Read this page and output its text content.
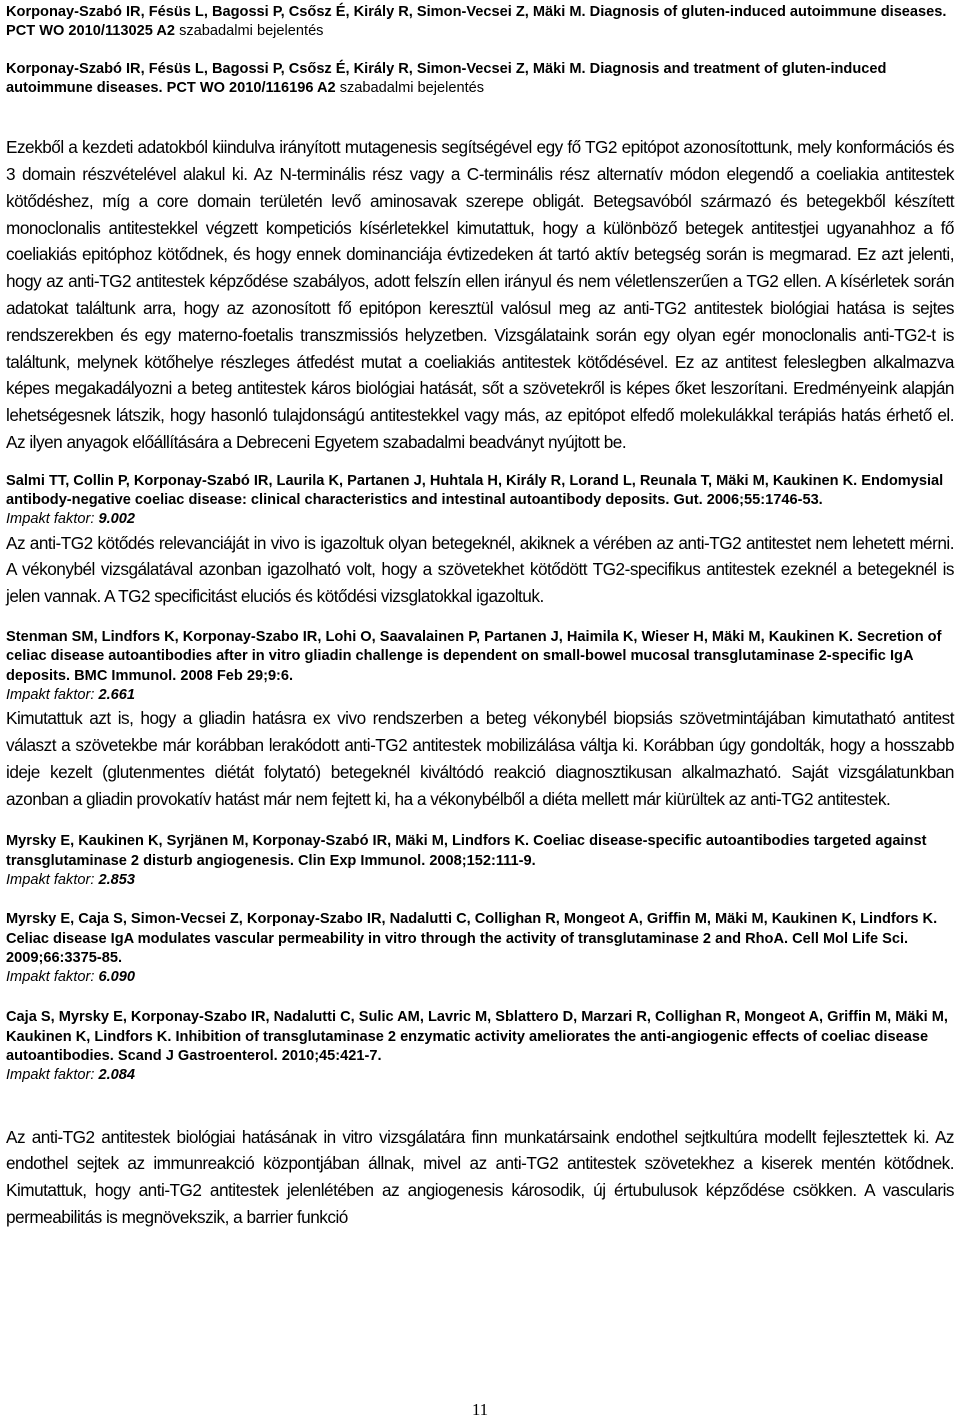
Korponay-Szabó IR, Fésüs L, Bagossi P, Csősz É, Király R, Simon-Vecsei Z, Mäki M. Diagnosis of gluten-induced autoimmune diseases. PCT WO 2010/113025 A2 szabadalmi bejelentés

Korponay-Szabó IR, Fésüs L, Bagossi P, Csősz É, Király R, Simon-Vecsei Z, Mäki M. Diagnosis and treatment of gluten-induced autoimmune diseases. PCT WO 2010/116196 A2 szabadalmi bejelentés

Ezekből a kezdeti adatokból kiindulva irányított mutagenesis segítségével egy fő TG2 epitópot azonosítottunk, mely konformációs és 3 domain részvételével alakul ki. Az N-terminális rész vagy a C-terminális rész alternatív módon elegendő a coeliakia antitestek kötődéshez, míg a core domain területén levő aminosavak szerepe obligát. Betegsavóból származó és betegekből készített monoclonalis antitestekkel végzett kompeticiós kísérletekkel kimutattuk, hogy a különböző betegek antitestjei ugyanahhoz a fő coeliakiás epitóphoz kötődnek, és hogy ennek dominanciája évtizedeken át tartó aktív betegség során is megmarad. Ez azt jelenti, hogy az anti-TG2 antitestek képződése szabályos, adott felszín ellen irányul és nem véletlenszerűen a TG2 ellen. A kísérletek során adatokat találtunk arra, hogy az azonosított fő epitópon keresztül valósul meg az anti-TG2 antitestek biológiai hatása is sejtes rendszerekben és egy materno-foetalis transzmissiós helyzetben. Vizsgálataink során egy olyan egér monoclonalis anti-TG2-t is találtunk, melynek kötőhelye részleges átfedést mutat a coeliakiás antitestek kötődésével. Ez az antitest feleslegben alkalmazva képes megakadályozni a beteg antitestek káros biológiai hatását, sőt a szövetekről is képes őket leszorítani. Eredményeink alapján lehetségesnek látszik, hogy hasonló tulajdonságú antitestekkel vagy más, az epitópot elfedő molekulákkal terápiás hatás érhető el. Az ilyen anyagok előállítására a Debreceni Egyetem szabadalmi beadványt nyújtott be.

Salmi TT, Collin P, Korponay-Szabó IR, Laurila K, Partanen J, Huhtala H, Király R, Lorand L, Reunala T, Mäki M, Kaukinen K. Endomysial antibody-negative coeliac disease: clinical characteristics and intestinal autoantibody deposits. Gut. 2006;55:1746-53.

Impakt faktor: 9.002

Az anti-TG2 kötődés relevanciáját in vivo is igazoltuk olyan betegeknél, akiknek a vérében az anti-TG2 antitestet nem lehetett mérni. A vékonybél vizsgálatával azonban igazolható volt, hogy a szövetekhet kötődött TG2-specifikus antitestek ezeknél a betegeknél is jelen vannak. A TG2 specificitást eluciós és kötődési vizsglatokkal igazoltuk.

Stenman SM, Lindfors K, Korponay-Szabo IR, Lohi O, Saavalainen P, Partanen J, Haimila K, Wieser H, Mäki M, Kaukinen K. Secretion of celiac disease autoantibodies after in vitro gliadin challenge is dependent on small-bowel mucosal transglutaminase 2-specific IgA deposits. BMC Immunol. 2008 Feb 29;9:6.

Impakt faktor: 2.661

Kimutattuk azt is, hogy a gliadin hatásra ex vivo rendszerben a beteg vékonybél biopsiás szövetmintájában kimutatható antitest választ a szövetekbe már korábban lerakódott anti-TG2 antitestek mobilizálása váltja ki. Korábban úgy gondolták, hogy a hosszabb ideje kezelt (glutenmentes diétát folytató) betegeknél kiváltódó reakció diagnosztikusan alkalmazható. Saját vizsgálatunkban azonban a gliadin provokatív hatást már nem fejtett ki, ha a vékonybélből a diéta mellett már kiürültek az anti-TG2 antitestek.

Myrsky E, Kaukinen K, Syrjänen M, Korponay-Szabó IR, Mäki M, Lindfors K. Coeliac disease-specific autoantibodies targeted against transglutaminase 2 disturb angiogenesis. Clin Exp Immunol. 2008;152:111-9.

Impakt faktor: 2.853

Myrsky E, Caja S, Simon-Vecsei Z, Korponay-Szabo IR, Nadalutti C, Collighan R, Mongeot A, Griffin M, Mäki M, Kaukinen K, Lindfors K. Celiac disease IgA modulates vascular permeability in vitro through the activity of transglutaminase 2 and RhoA. Cell Mol Life Sci. 2009;66:3375-85.

Impakt faktor: 6.090

Caja S, Myrsky E, Korponay-Szabo IR, Nadalutti C, Sulic AM, Lavric M, Sblattero D, Marzari R, Collighan R, Mongeot A, Griffin M, Mäki M, Kaukinen K, Lindfors K. Inhibition of transglutaminase 2 enzymatic activity ameliorates the anti-angiogenic effects of coeliac disease autoantibodies. Scand J Gastroenterol. 2010;45:421-7.

Impakt faktor: 2.084

Az anti-TG2 antitestek biológiai hatásának in vitro vizsgálatára finn munkatársaink endothel sejtkultúra modellt fejlesztettek ki. Az endothel sejtek az immunreakció központjában állnak, mivel az anti-TG2 antitestek szövetekhez a kiserek mentén kötődnek. Kimutattuk, hogy anti-TG2 antitestek jelenlétében az angiogenesis károsodik, új értubulusok képződése csökken. A vascularis permeabilitás is megnövekszik, a barrier funkció

11
